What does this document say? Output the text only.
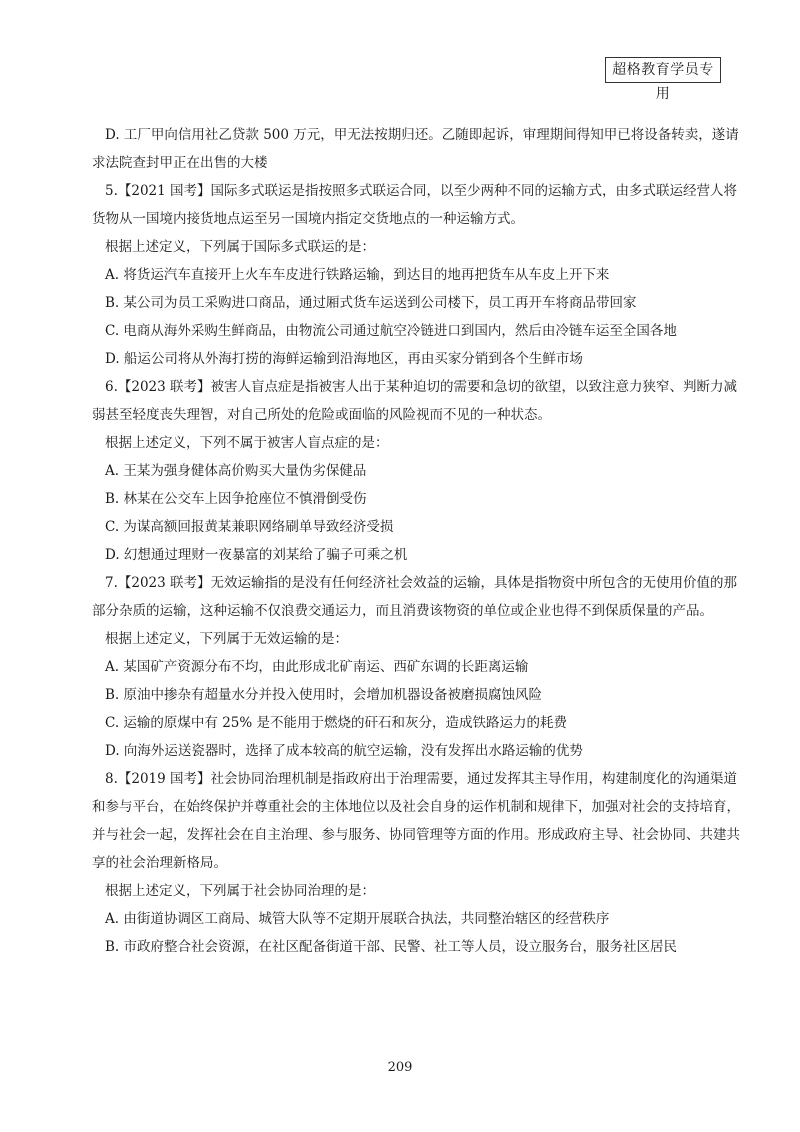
超格教育学员专用

D. 工厂甲向信用社乙贷款 500 万元，甲无法按期归还。乙随即起诉，审理期间得知甲已将设备转卖，遂请

求法院查封甲正在出售的大楼

5.【2021 国考】国际多式联运是指按照多式联运合同，以至少两种不同的运输方式，由多式联运经营人将

货物从一国境内接货地点运至另一国境内指定交货地点的一种运输方式。

根据上述定义，下列属于国际多式联运的是：

A. 将货运汽车直接开上火车车皮进行铁路运输，到达目的地再把货车从车皮上开下来

B. 某公司为员工采购进口商品，通过厢式货车运送到公司楼下，员工再开车将商品带回家

C. 电商从海外采购生鲜商品，由物流公司通过航空冷链进口到国内，然后由冷链车运至全国各地

D. 船运公司将从外海打捞的海鲜运输到沿海地区，再由买家分销到各个生鲜市场

6.【2023 联考】被害人盲点症是指被害人出于某种迫切的需要和急切的欲望，以致注意力狭窄、判断力减

弱甚至轻度丧失理智，对自己所处的危险或面临的风险视而不见的一种状态。

根据上述定义，下列不属于被害人盲点症的是：

A. 王某为强身健体高价购买大量伪劣保健品

B. 林某在公交车上因争抢座位不慎滑倒受伤

C. 为谋高额回报黄某兼职网络刷单导致经济受损

D. 幻想通过理财一夜暴富的刘某给了骗子可乘之机

7.【2023 联考】无效运输指的是没有任何经济社会效益的运输，具体是指物资中所包含的无使用价值的那

部分杂质的运输，这种运输不仅浪费交通运力，而且消费该物资的单位或企业也得不到保质保量的产品。

根据上述定义，下列属于无效运输的是：

A. 某国矿产资源分布不均，由此形成北矿南运、西矿东调的长距离运输

B. 原油中掺杂有超量水分并投入使用时，会增加机器设备被磨损腐蚀风险

C. 运输的原煤中有 25% 是不能用于燃烧的矸石和灰分，造成铁路运力的耗费

D. 向海外运送瓷器时，选择了成本较高的航空运输，没有发挥出水路运输的优势

8.【2019 国考】社会协同治理机制是指政府出于治理需要，通过发挥其主导作用，构建制度化的沟通渠道

和参与平台，在始终保护并尊重社会的主体地位以及社会自身的运作机制和规律下，加强对社会的支持培育，

并与社会一起，发挥社会在自主治理、参与服务、协同管理等方面的作用。形成政府主导、社会协同、共建共

享的社会治理新格局。

根据上述定义，下列属于社会协同治理的是：

A. 由街道协调区工商局、城管大队等不定期开展联合执法，共同整治辖区的经营秩序

B. 市政府整合社会资源，在社区配备街道干部、民警、社工等人员，设立服务台，服务社区居民

209
